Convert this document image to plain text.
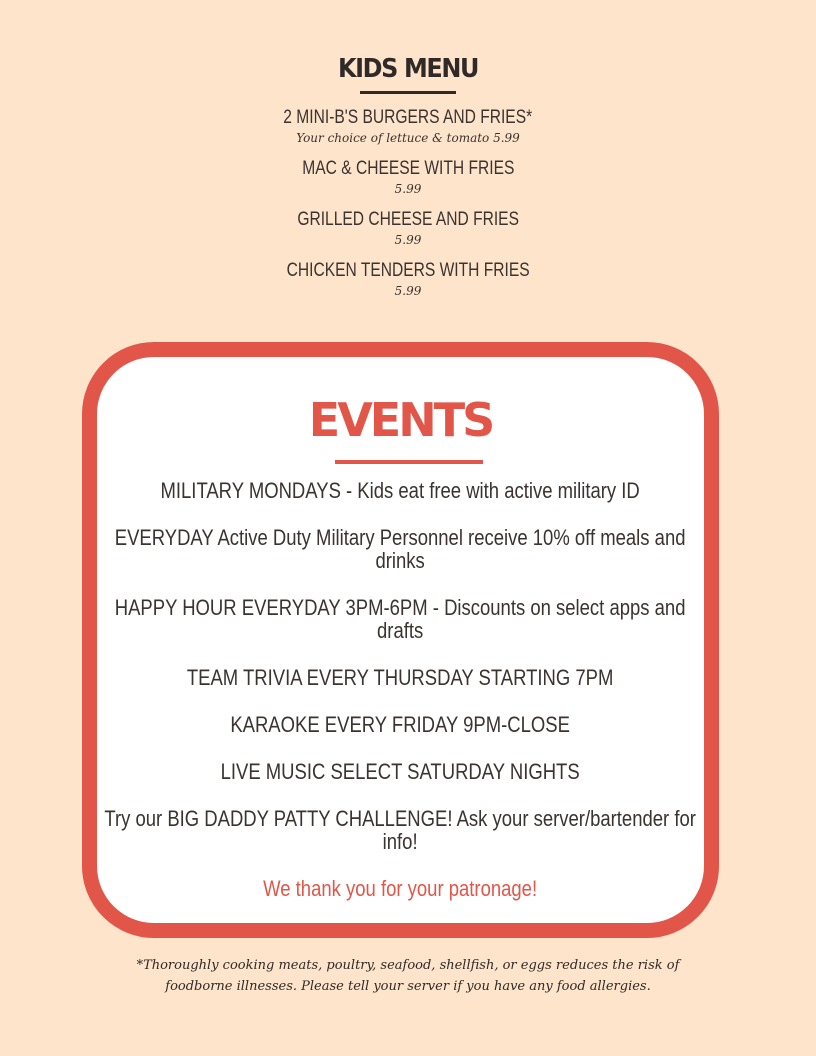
KIDS MENU
2 MINI-B'S BURGERS AND FRIES*
Your choice of lettuce & tomato 5.99
MAC & CHEESE WITH FRIES
5.99
GRILLED CHEESE AND FRIES
5.99
CHICKEN TENDERS WITH FRIES
5.99
EVENTS
MILITARY MONDAYS - Kids eat free with active military ID
EVERYDAY Active Duty Military Personnel receive 10% off meals and drinks
HAPPY HOUR EVERYDAY 3PM-6PM - Discounts on select apps and drafts
TEAM TRIVIA EVERY THURSDAY STARTING 7PM
KARAOKE EVERY FRIDAY 9PM-CLOSE
LIVE MUSIC SELECT SATURDAY NIGHTS
Try our BIG DADDY PATTY CHALLENGE! Ask your server/bartender for info!
We thank you for your patronage!
*Thoroughly cooking meats, poultry, seafood, shellfish, or eggs reduces the risk of
foodborne illnesses. Please tell your server if you have any food allergies.
